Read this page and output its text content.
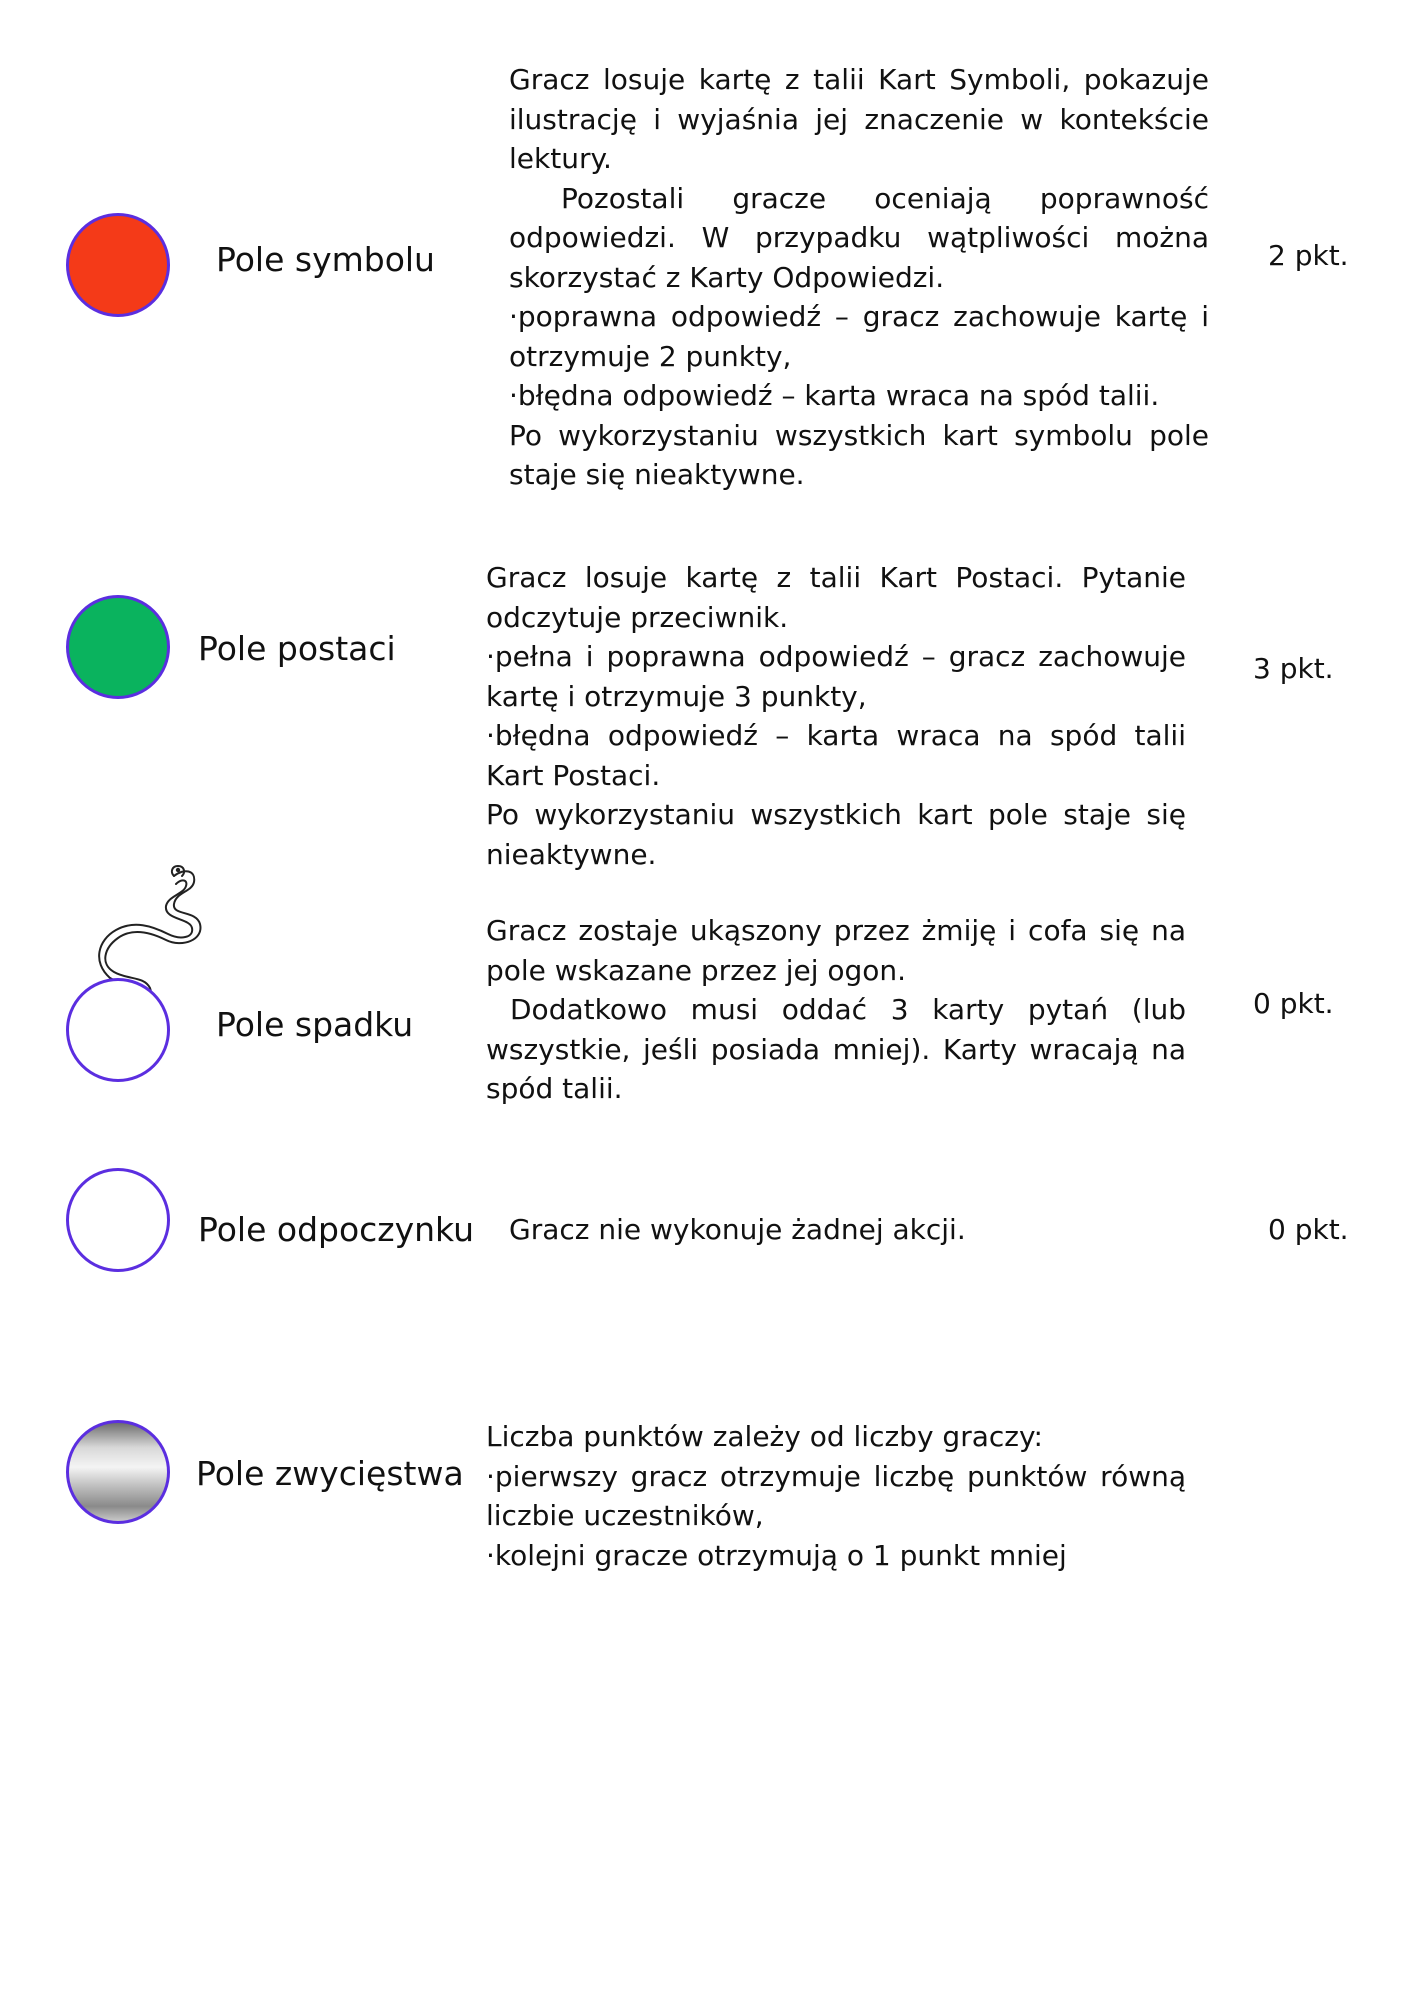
Pole symbolu

Gracz losuje kartę z talii Kart Symboli, pokazuje ilustrację i wyjaśnia jej znaczenie w kontekście lektury.

Pozostali gracze oceniają poprawność odpowiedzi. W przypadku wątpliwości można skorzystać z Karty Odpowiedzi.

·poprawna odpowiedź – gracz zachowuje kartę i otrzymuje 2 punkty,

·błędna odpowiedź – karta wraca na spód talii.

Po wykorzystaniu wszystkich kart symbolu pole staje się nieaktywne.

2 pkt.
Pole postaci

Gracz losuje kartę z talii Kart Postaci. Pytanie odczytuje przeciwnik.

·pełna i poprawna odpowiedź – gracz zachowuje kartę i otrzymuje 3 punkty,

·błędna odpowiedź – karta wraca na spód talii Kart Postaci.

Po wykorzystaniu wszystkich kart pole staje się nieaktywne.

3 pkt.
Pole spadku

Gracz zostaje ukąszony przez żmiję i cofa się na pole wskazane przez jej ogon.

Dodatkowo musi oddać 3 karty pytań (lub wszystkie, jeśli posiada mniej). Karty wracają na spód talii.

0 pkt.
Pole odpoczynku Gracz nie wykonuje żadnej akcji.	0 pkt.
Pole zwycięstwa

Liczba punktów zależy od liczby graczy:

·pierwszy gracz otrzymuje liczbę punktów równą liczbie uczestników,

·kolejni gracze otrzymują o 1 punkt mniej
